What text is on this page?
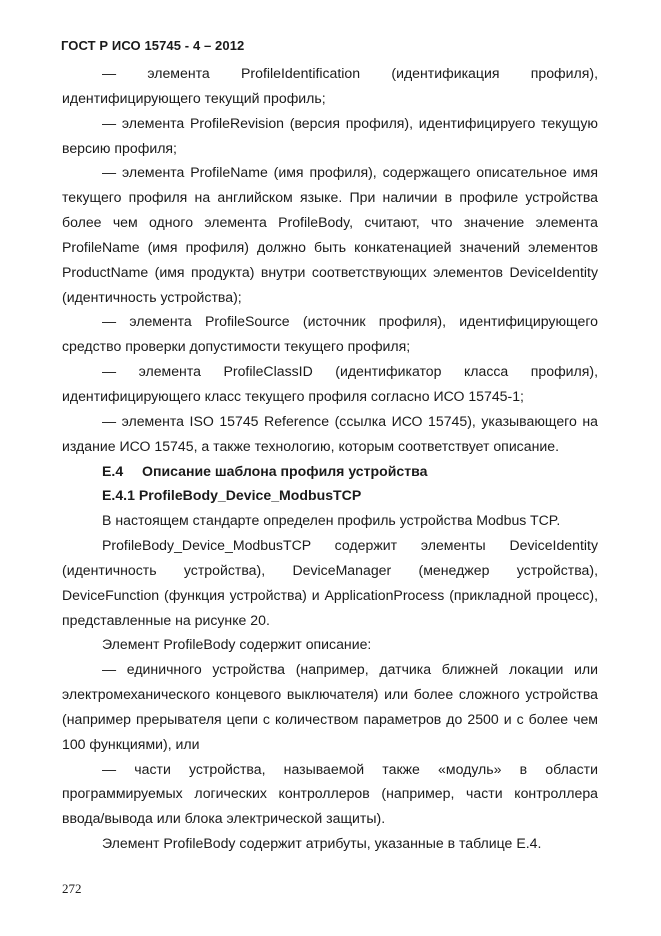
ГОСТ Р ИСО 15745 - 4 – 2012

— элемента ProfileIdentification (идентификация профиля), идентифицирующего текущий профиль;

— элемента ProfileRevision (версия профиля), идентифицируего текущую версию профиля;

— элемента ProfileName (имя профиля), содержащего описательное имя текущего профиля на английском языке. При наличии в профиле устройства более чем одного элемента ProfileBody, считают, что значение элемента ProfileName (имя профиля) должно быть конкатенацией значений элементов ProductName (имя продукта) внутри соответствующих элементов DeviceIdentity (идентичность устройства);

— элемента ProfileSource (источник профиля), идентифицирующего средство проверки допустимости текущего профиля;

— элемента ProfileClassID (идентификатор класса профиля), идентифицирующего класс текущего профиля согласно ИСО 15745-1;

— элемента ISO 15745 Reference (ссылка ИСО 15745), указывающего на издание ИСО 15745, а также технологию, которым соответствует описание.

Е.4 Описание шаблона профиля устройства

Е.4.1 ProfileBody_Device_ModbusTCP

В настоящем стандарте определен профиль устройства Modbus TCP.

ProfileBody_Device_ModbusTCP содержит элементы DeviceIdentity (идентичность устройства), DeviceManager (менеджер устройства), DeviceFunction (функция устройства) и ApplicationProcess (прикладной процесс), представленные на рисунке 20.

Элемент ProfileBody содержит описание:

— единичного устройства (например, датчика ближней локации или электромеханического концевого выключателя) или более сложного устройства (например прерывателя цепи с количеством параметров до 2500 и с более чем 100 функциями), или

— части устройства, называемой также «модуль» в области программируемых логических контроллеров (например, части контроллера ввода/вывода или блока электрической защиты).

Элемент ProfileBody содержит атрибуты, указанные в таблице Е.4.

272
